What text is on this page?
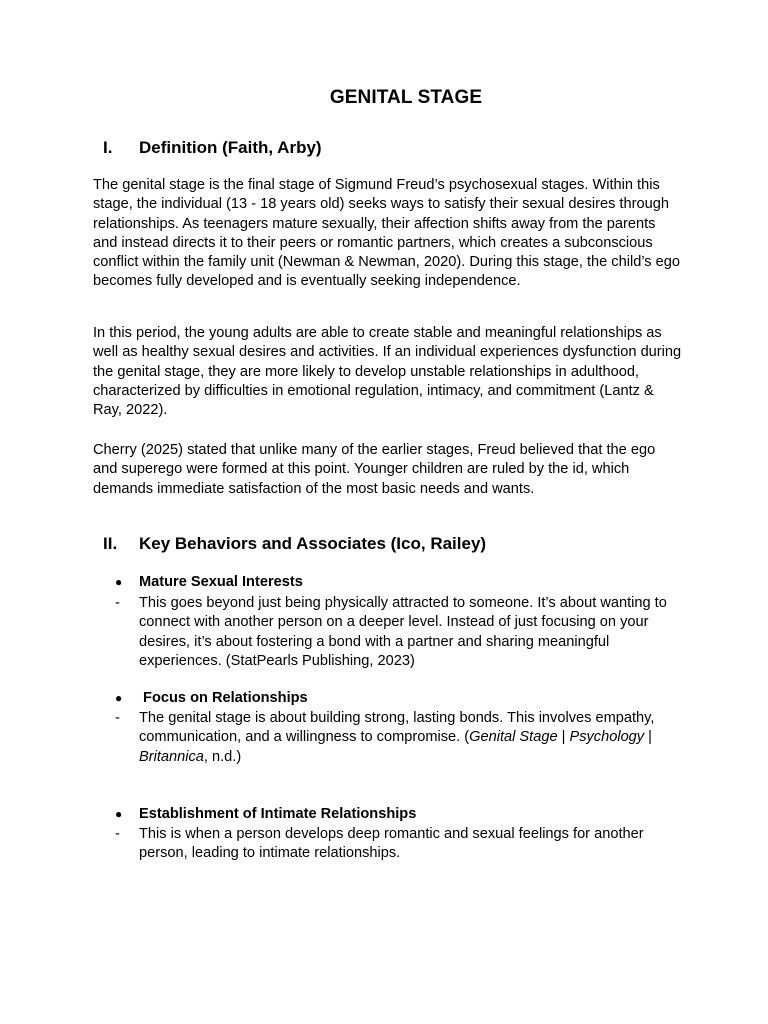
GENITAL STAGE
I. Definition (Faith, Arby)
The genital stage is the final stage of Sigmund Freud’s psychosexual stages. Within this stage, the individual (13 - 18 years old) seeks ways to satisfy their sexual desires through relationships. As teenagers mature sexually, their affection shifts away from the parents and instead directs it to their peers or romantic partners, which creates a subconscious conflict within the family unit (Newman & Newman, 2020). During this stage, the child’s ego becomes fully developed and is eventually seeking independence.
In this period, the young adults are able to create stable and meaningful relationships as well as healthy sexual desires and activities. If an individual experiences dysfunction during the genital stage, they are more likely to develop unstable relationships in adulthood, characterized by difficulties in emotional regulation, intimacy, and commitment (Lantz & Ray, 2022).
Cherry (2025) stated that unlike many of the earlier stages, Freud believed that the ego and superego were formed at this point. Younger children are ruled by the id, which demands immediate satisfaction of the most basic needs and wants.
II. Key Behaviors and Associates (Ico, Railey)
● Mature Sexual Interests
- This goes beyond just being physically attracted to someone. It’s about wanting to connect with another person on a deeper level. Instead of just focusing on your desires, it’s about fostering a bond with a partner and sharing meaningful experiences. (StatPearls Publishing, 2023)
● Focus on Relationships
- The genital stage is about building strong, lasting bonds. This involves empathy, communication, and a willingness to compromise. (Genital Stage | Psychology | Britannica, n.d.)
● Establishment of Intimate Relationships
- This is when a person develops deep romantic and sexual feelings for another person, leading to intimate relationships.
